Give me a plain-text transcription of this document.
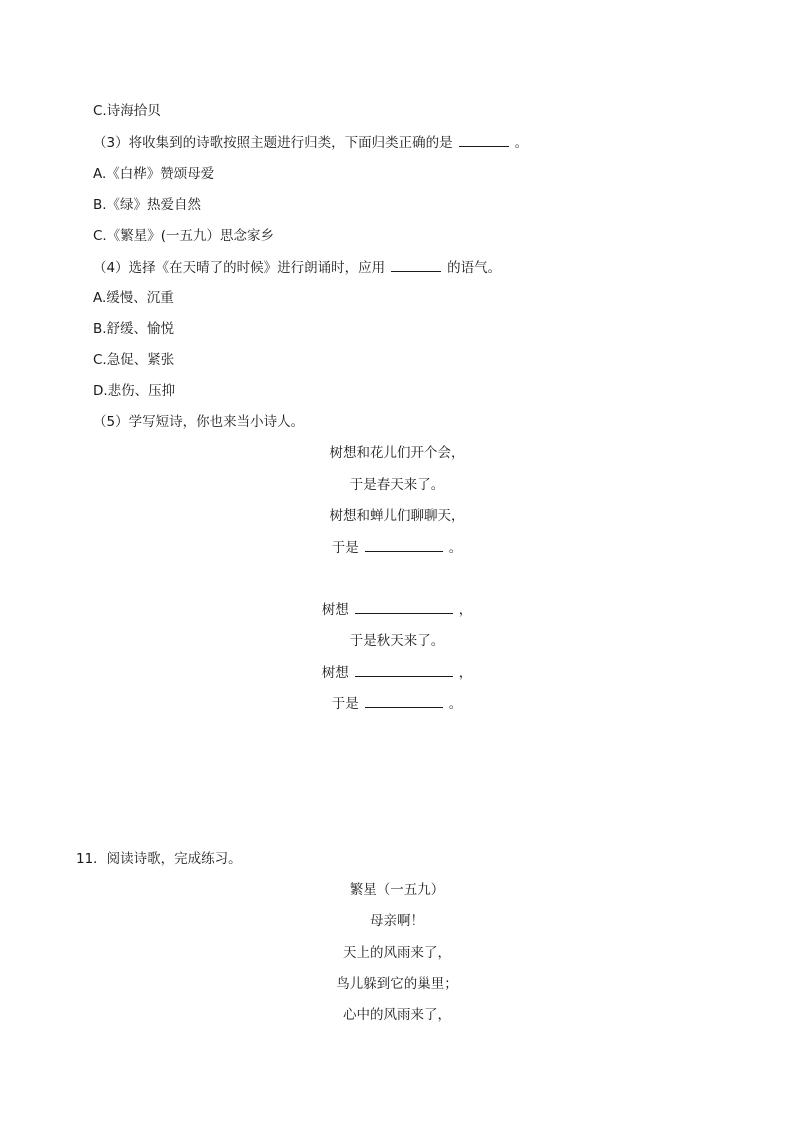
C.诗海拾贝
（3）将收集到的诗歌按照主题进行归类，下面归类正确的是	。
A.《白桦》赞颂母爱
B.《绿》热爱自然
C.《繁星》(一五九）思念家乡
（4）选择《在天晴了的时候》进行朗诵时，应用	的语气。
A.缓慢、沉重
B.舒缓、愉悦
C.急促、紧张
D.悲伤、压抑
（5）学写短诗，你也来当小诗人。
树想和花儿们开个会，
于是春天来了。
树想和蝉儿们聊聊天，
于是	。
树想	，
于是秋天来了。
树想	，
于是	。
11．阅读诗歌，完成练习。
繁星（一五九）
母亲啊！
天上的风雨来了，
鸟儿躲到它的巢里；
心中的风雨来了，
